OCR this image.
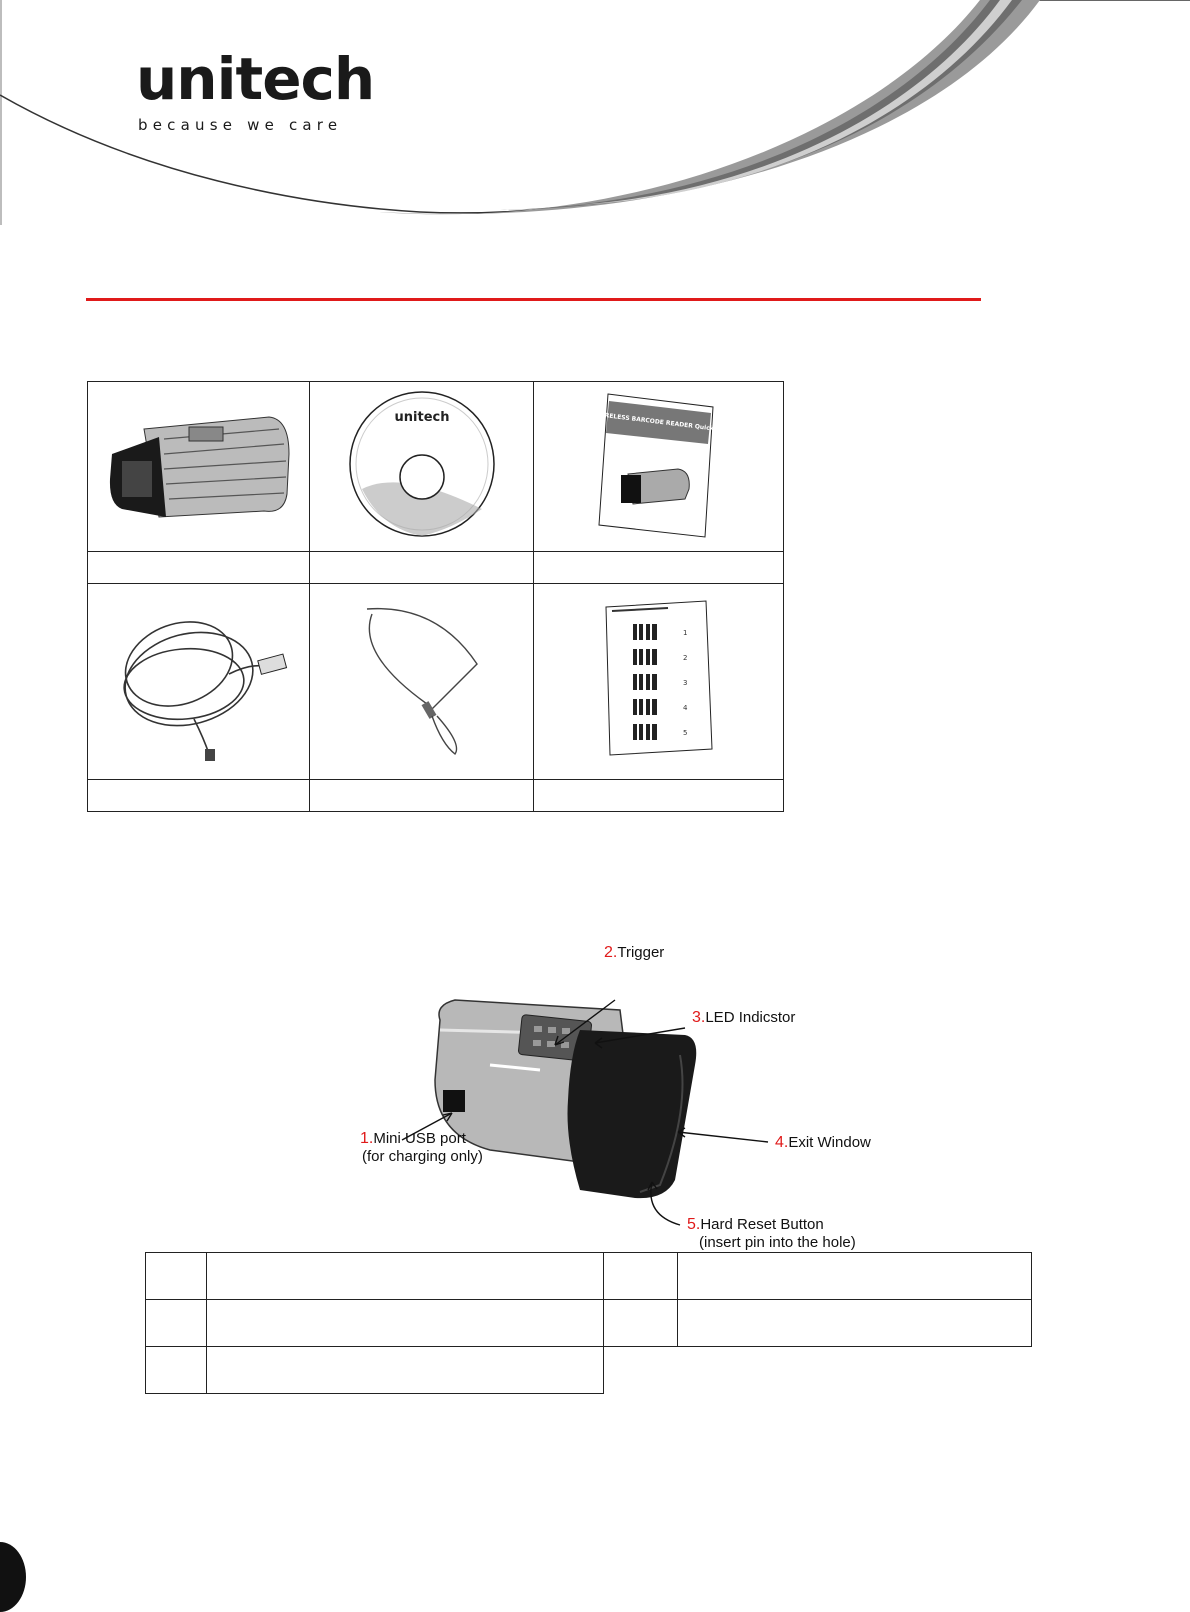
unitech
because we care

unitech	MS910 WIRELESS BARCODE READER Quick Guide

1
2
3
4
5

2.Trigger
3.LED Indicstor
4.Exit Window
1.Mini USB port
(for charging only)
5.Hard Reset Button
(insert pin into the hole)
